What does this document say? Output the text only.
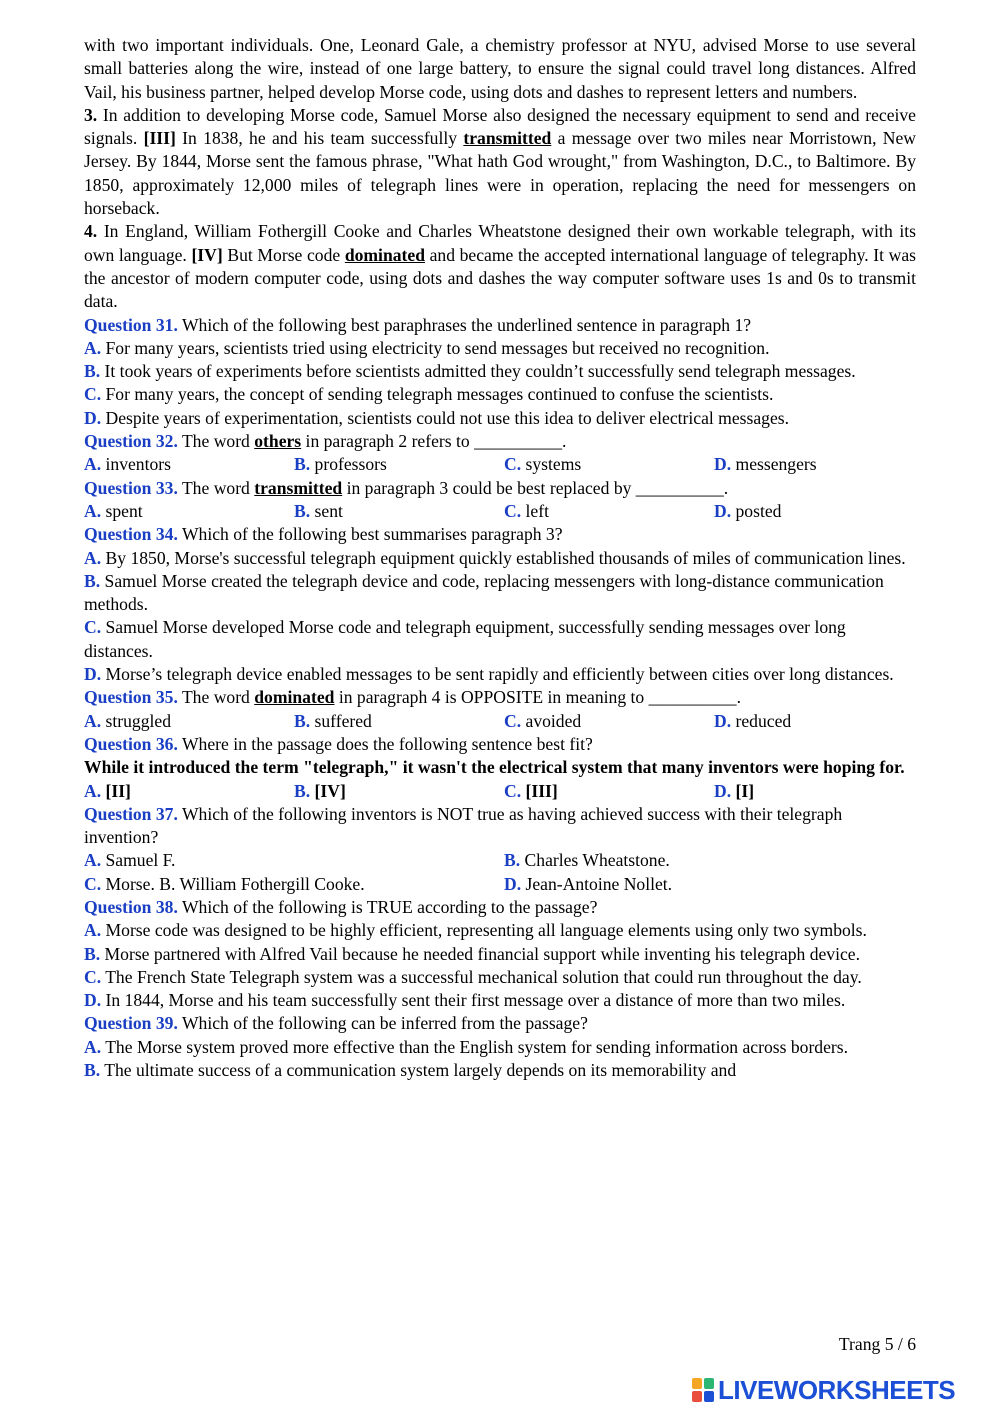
with two important individuals. One, Leonard Gale, a chemistry professor at NYU, advised Morse to use several small batteries along the wire, instead of one large battery, to ensure the signal could travel long distances. Alfred Vail, his business partner, helped develop Morse code, using dots and dashes to represent letters and numbers.

3. In addition to developing Morse code, Samuel Morse also designed the necessary equipment to send and receive signals. [III] In 1838, he and his team successfully transmitted a message over two miles near Morristown, New Jersey. By 1844, Morse sent the famous phrase, "What hath God wrought," from Washington, D.C., to Baltimore. By 1850, approximately 12,000 miles of telegraph lines were in operation, replacing the need for messengers on horseback.

4. In England, William Fothergill Cooke and Charles Wheatstone designed their own workable telegraph, with its own language. [IV] But Morse code dominated and became the accepted international language of telegraphy. It was the ancestor of modern computer code, using dots and dashes the way computer software uses 1s and 0s to transmit data.

Question 31. Which of the following best paraphrases the underlined sentence in paragraph 1?

A. For many years, scientists tried using electricity to send messages but received no recognition.

B. It took years of experiments before scientists admitted they couldn’t successfully send telegraph messages.

C. For many years, the concept of sending telegraph messages continued to confuse the scientists.

D. Despite years of experimentation, scientists could not use this idea to deliver electrical messages.

Question 32. The word others in paragraph 2 refers to __________.

A. inventors	B. professors	C. systems	D. messengers

Question 33. The word transmitted in paragraph 3 could be best replaced by __________.

A. spent	B. sent	C. left	D. posted

Question 34. Which of the following best summarises paragraph 3?

A. By 1850, Morse's successful telegraph equipment quickly established thousands of miles of communication lines.

B. Samuel Morse created the telegraph device and code, replacing messengers with long-distance communication methods.

C. Samuel Morse developed Morse code and telegraph equipment, successfully sending messages over long distances.

D. Morse’s telegraph device enabled messages to be sent rapidly and efficiently between cities over long distances.

Question 35. The word dominated in paragraph 4 is OPPOSITE in meaning to __________.

A. struggled	B. suffered	C. avoided	D. reduced

Question 36. Where in the passage does the following sentence best fit?

While it introduced the term "telegraph," it wasn't the electrical system that many inventors were hoping for.

A. [II]	B. [IV]	C. [III]	D. [I]

Question 37. Which of the following inventors is NOT true as having achieved success with their telegraph invention?

A. Samuel F.	B. Charles Wheatstone.
C. Morse. B. William Fothergill Cooke.	D. Jean-Antoine Nollet.

Question 38. Which of the following is TRUE according to the passage?

A. Morse code was designed to be highly efficient, representing all language elements using only two symbols.

B. Morse partnered with Alfred Vail because he needed financial support while inventing his telegraph device.

C. The French State Telegraph system was a successful mechanical solution that could run throughout the day.

D. In 1844, Morse and his team successfully sent their first message over a distance of more than two miles.

Question 39. Which of the following can be inferred from the passage?

A. The Morse system proved more effective than the English system for sending information across borders.

B. The ultimate success of a communication system largely depends on its memorability and

Trang 5 / 6
LIVEWORKSHEETS
